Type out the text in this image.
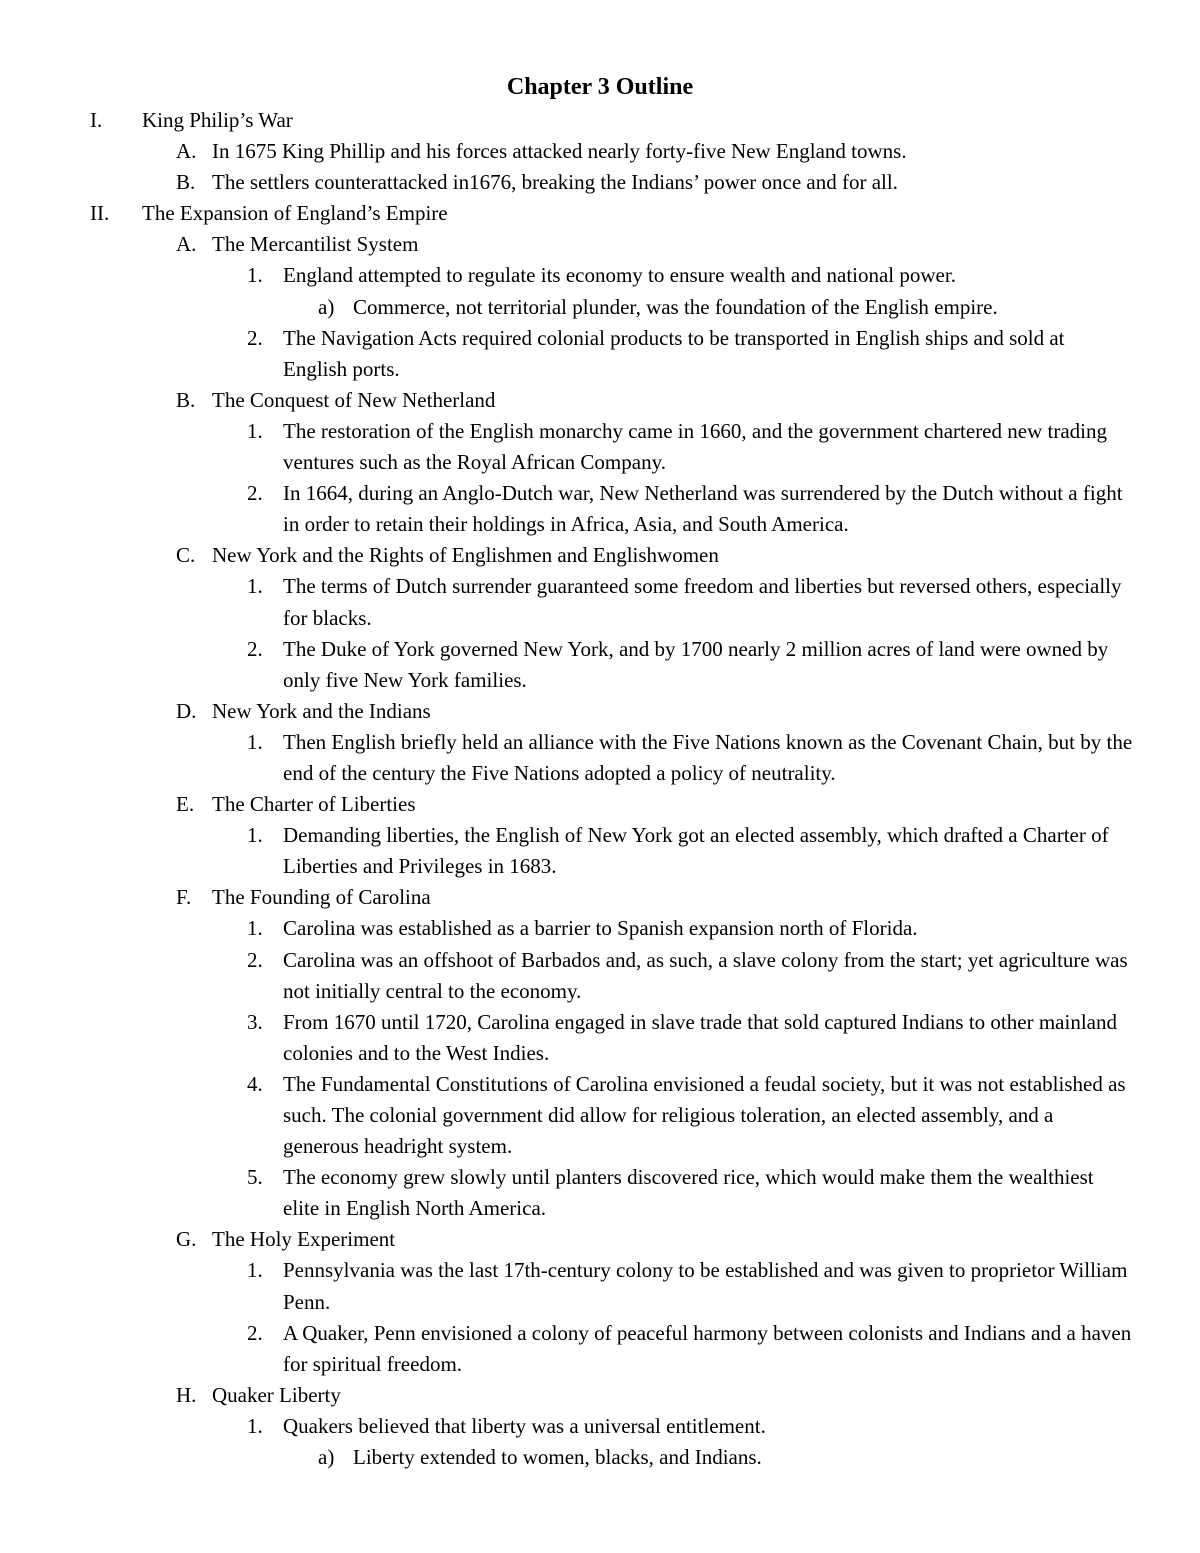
Chapter 3 Outline
I. King Philip’s War
A. In 1675 King Phillip and his forces attacked nearly forty-five New England towns.
B. The settlers counterattacked in1676, breaking the Indians’ power once and for all.
II. The Expansion of England’s Empire
A. The Mercantilist System
1. England attempted to regulate its economy to ensure wealth and national power.
a) Commerce, not territorial plunder, was the foundation of the English empire.
2. The Navigation Acts required colonial products to be transported in English ships and sold at English ports.
B. The Conquest of New Netherland
1. The restoration of the English monarchy came in 1660, and the government chartered new trading ventures such as the Royal African Company.
2. In 1664, during an Anglo-Dutch war, New Netherland was surrendered by the Dutch without a fight in order to retain their holdings in Africa, Asia, and South America.
C. New York and the Rights of Englishmen and Englishwomen
1. The terms of Dutch surrender guaranteed some freedom and liberties but reversed others, especially for blacks.
2. The Duke of York governed New York, and by 1700 nearly 2 million acres of land were owned by only five New York families.
D. New York and the Indians
1. Then English briefly held an alliance with the Five Nations known as the Covenant Chain, but by the end of the century the Five Nations adopted a policy of neutrality.
E. The Charter of Liberties
1. Demanding liberties, the English of New York got an elected assembly, which drafted a Charter of Liberties and Privileges in 1683.
F. The Founding of Carolina
1. Carolina was established as a barrier to Spanish expansion north of Florida.
2. Carolina was an offshoot of Barbados and, as such, a slave colony from the start; yet agriculture was not initially central to the economy.
3. From 1670 until 1720, Carolina engaged in slave trade that sold captured Indians to other mainland colonies and to the West Indies.
4. The Fundamental Constitutions of Carolina envisioned a feudal society, but it was not established as such. The colonial government did allow for religious toleration, an elected assembly, and a generous headright system.
5. The economy grew slowly until planters discovered rice, which would make them the wealthiest elite in English North America.
G. The Holy Experiment
1. Pennsylvania was the last 17th-century colony to be established and was given to proprietor William Penn.
2. A Quaker, Penn envisioned a colony of peaceful harmony between colonists and Indians and a haven for spiritual freedom.
H. Quaker Liberty
1. Quakers believed that liberty was a universal entitlement.
a) Liberty extended to women, blacks, and Indians.
